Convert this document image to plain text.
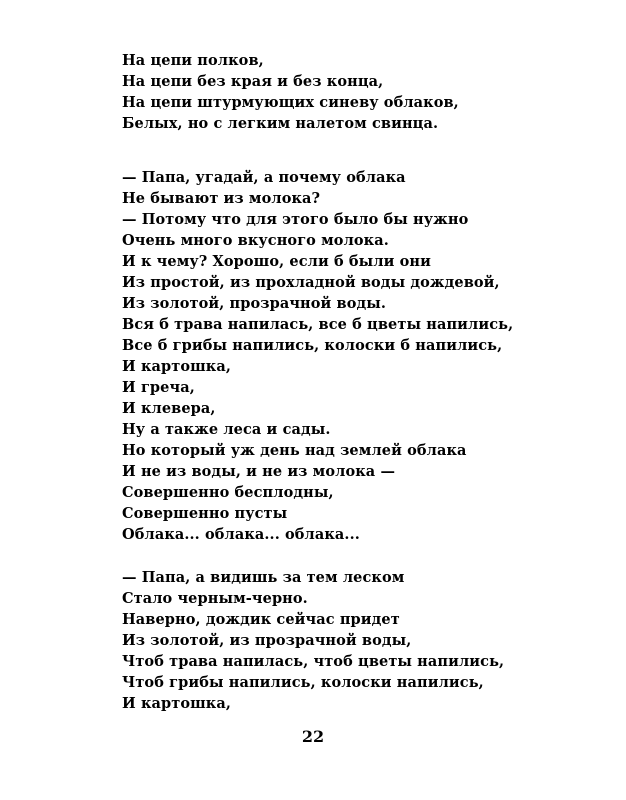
На цепи полков,
На цепи без края и без конца,
На цепи штурмующих синеву облаков,
Белых, но с легким налетом свинца.
— Папа, угадай, а почему облака
Не бывают из молока?
— Потому что для этого было бы нужно
Очень много вкусного молока.
И к чему? Хорошо, если б были они
Из простой, из прохладной воды дождевой,
Из золотой, прозрачной воды.
Вся б трава напилась, все б цветы напились,
Все б грибы напились, колоски б напились,
И картошка,
И греча,
И клевера,
Ну а также леса и сады.
Но который уж день над землей облака
И не из воды, и не из молока —
Совершенно бесплодны,
Совершенно пусты
Облака... облака... облака...
— Папа, а видишь за тем леском
Стало черным-черно.
Наверно, дождик сейчас придет
Из золотой, из прозрачной воды,
Чтоб трава напилась, чтоб цветы напились,
Чтоб грибы напились, колоски напились,
И картошка,
22
